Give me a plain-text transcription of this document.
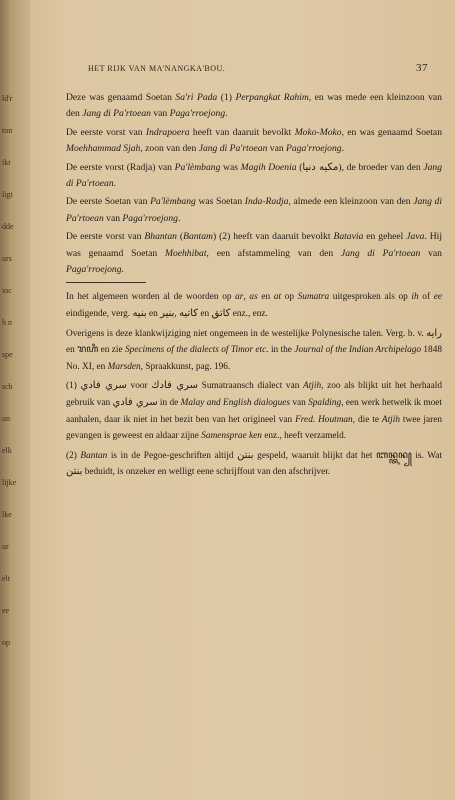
ld'r
ton
ikt
ligt
dde
urs
ioc
h n
spe
sch
un
elk
lijke
lke
ur
elt
ee
op
HET RIJK VAN MA'NANGKA'BOU.	37

Deze was genaamd Soetan Sa'ri Pada (1) Perpangkat Rahim, en was mede een kleinzoon van den Jang di Pa'rtoean van Paga'rroejong.

De eerste vorst van Indrapoera heeft van daaruit bevolkt Moko-Moko, en was genaamd Soetan Moehhammad Sjah, zoon van den Jang di Pa'rtoean van Paga'rroejong.

De eerste vorst (Radja) van Pa'lèmbang was Magih Doenia (مكيه دنيا), de broeder van den Jang di Pa'rtoean.

De eerste Soetan van Pa'lèmbang was Soetan Inda-Radja, almede een kleinzoon van den Jang di Pa'rtoean van Paga'rroejong.

De eerste vorst van Bhantan (Bantam) (2) heeft van daaruit bevolkt Batavia en geheel Java. Hij was genaamd Soetan Moehhibat, een afstammeling van den Jang di Pa'rtoean van Paga'rroejong.

In het algemeen worden al de woorden op ar, as en at op Sumatra uitgesproken als op ih of ee eindigende, verg. بنيه en بنير, كاتيه en كاتق enz., enz.

Overigens is deze klankwijziging niet ongemeen in de westelijke Polynesische talen. Verg. b. v. رايه en ꦫꦲꦶ en zie Specimens of the dialects of Timor etc. in the Journal of the Indian Archipelago 1848 No. XI, en Marsden, Spraakkunst, pag. 196.

(1) سري فادي voor سري فادك Sumatraansch dialect van Atjih, zoo als blijkt uit het herhaald gebruik van سري فادي in de Malay and English dialogues van Spalding, een werk hetwelk ik moet aanhalen, daar ik niet in het bezit ben van het origineel van Fred. Houtman, die te Atjih twee jaren gevangen is geweest en aldaar zijne Samensprae ken enz., heeft verzameld.

(2) Bantan is in de Pegoe-geschriften altijd بنتن gespeld, waaruit blijkt dat het ꦧꦤ꧀ꦠꦤ꧀ is. Wat بنتن beduidt, is onzeker en welligt eene schrijffout van den afschrijver.
